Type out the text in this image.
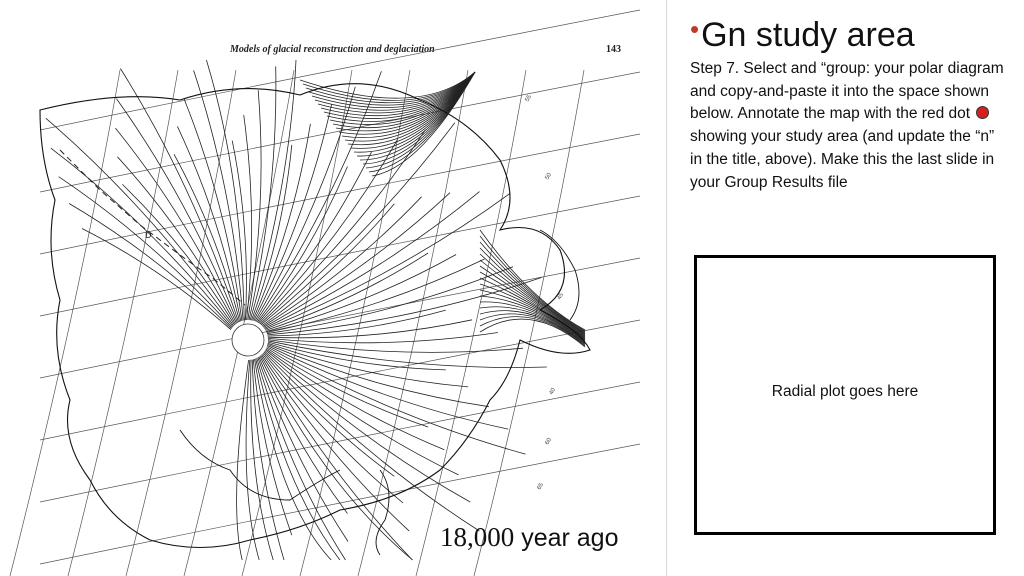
Models of glacial reconstruction and deglaciation	143
D
55
50
45
40
60
65
18,000 year ago
•Gn study area
Step 7. Select and “group: your polar diagram and copy-and-paste it into the space shown below. Annotate the map with the red dot  showing your study area (and update the “n” in the title, above). Make this the last slide in your Group Results file
Radial plot goes here
